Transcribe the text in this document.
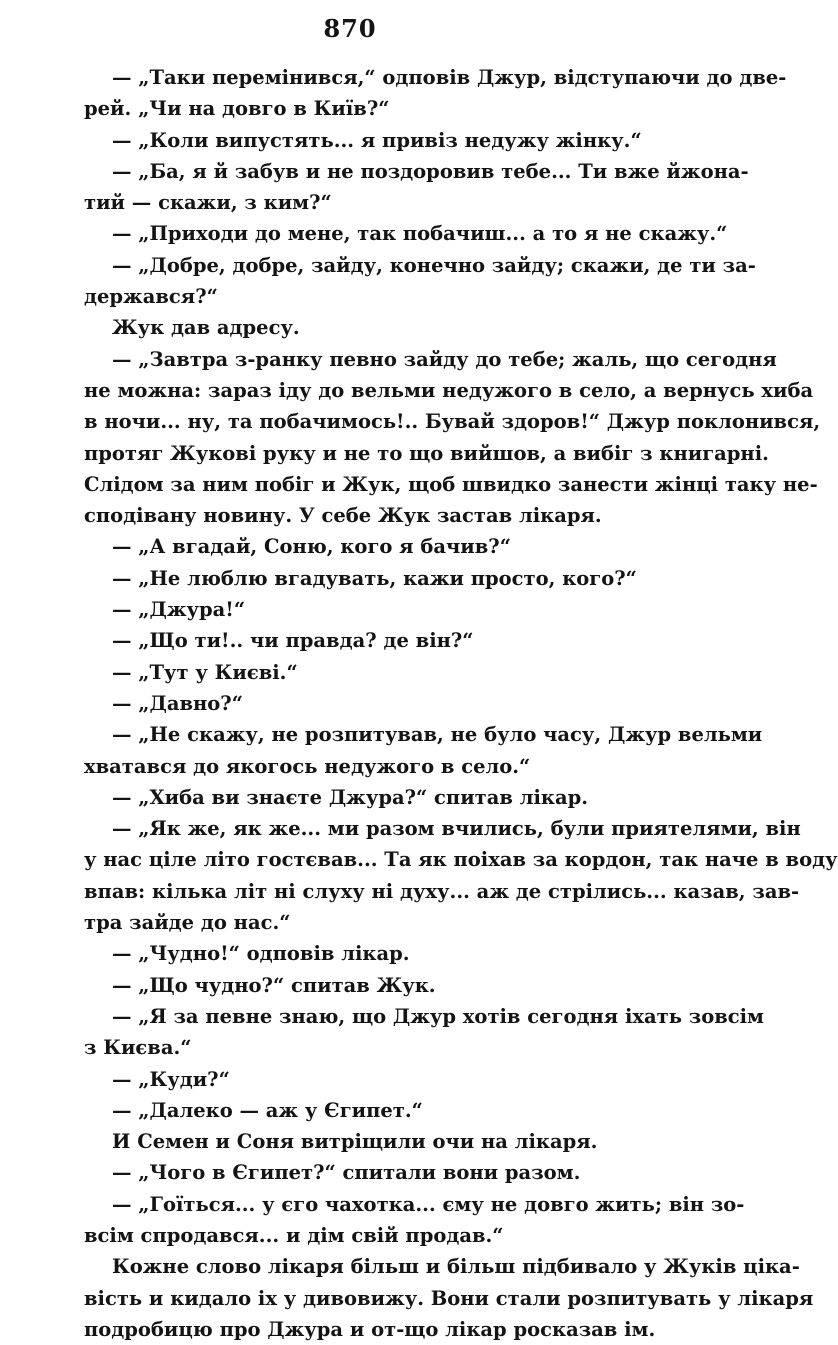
870
— „Таки перемінився,“ одповів Джур, відступаючи до две-
рей. „Чи на довго в Київ?“
— „Коли випустять... я привіз недужу жінку.“
— „Ба, я й забув и не поздоровив тебе... Ти вже йжона-
тий — скажи, з ким?“
— „Приходи до мене, так побачиш... а то я не скажу.“
— „Добре, добре, зайду, конечно зайду; скажи, де ти за-
держався?“
Жук дав адресу.
— „Завтра з-ранку певно зайду до тебе; жаль, що сегодня
не можна: зараз іду до вельми недужого в село, а вернусь хиба
в ночи... ну, та побачимось!.. Бувай здоров!“ Джур поклонився,
протяг Жукові руку и не то що вийшов, а вибіг з книгарні.
Слідом за ним побіг и Жук, щоб швидко занести жінці таку не-
сподівану новину. У себе Жук застав лікаря.
— „А вгадай, Соню, кого я бачив?“
— „Не люблю вгадувать, кажи просто, кого?“
— „Джура!“
— „Що ти!.. чи правда? де він?“
— „Тут у Києві.“
— „Давно?“
— „Не скажу, не розпитував, не було часу, Джур вельми
хватався до якогось недужого в село.“
— „Хиба ви знаєте Джура?“ спитав лікар.
— „Як же, як же... ми разом вчились, були приятелями, він
у нас ціле літо гостєвав... Та як поіхав за кордон, так наче в воду
впав: кілька літ ні слуху ні духу... аж де стрілись... казав, зав-
тра зайде до нас.“
— „Чудно!“ одповів лікар.
— „Що чудно?“ спитав Жук.
— „Я за певне знаю, що Джур хотів сегодня іхать зовсім
з Києва.“
— „Куди?“
— „Далеко — аж у Єгипет.“
И Семен и Соня витріщили очи на лікаря.
— „Чого в Єгипет?“ спитали вони разом.
— „Гоїться... у єго чахотка... єму не довго жить; він зо-
всім спродався... и дім свій продав.“
Кожне слово лікаря більш и більш підбивало у Жуків ціка-
вість и кидало іх у дивовижу. Вони стали розпитувать у лікаря
подробицю про Джура и от-що лікар росказав ім.
